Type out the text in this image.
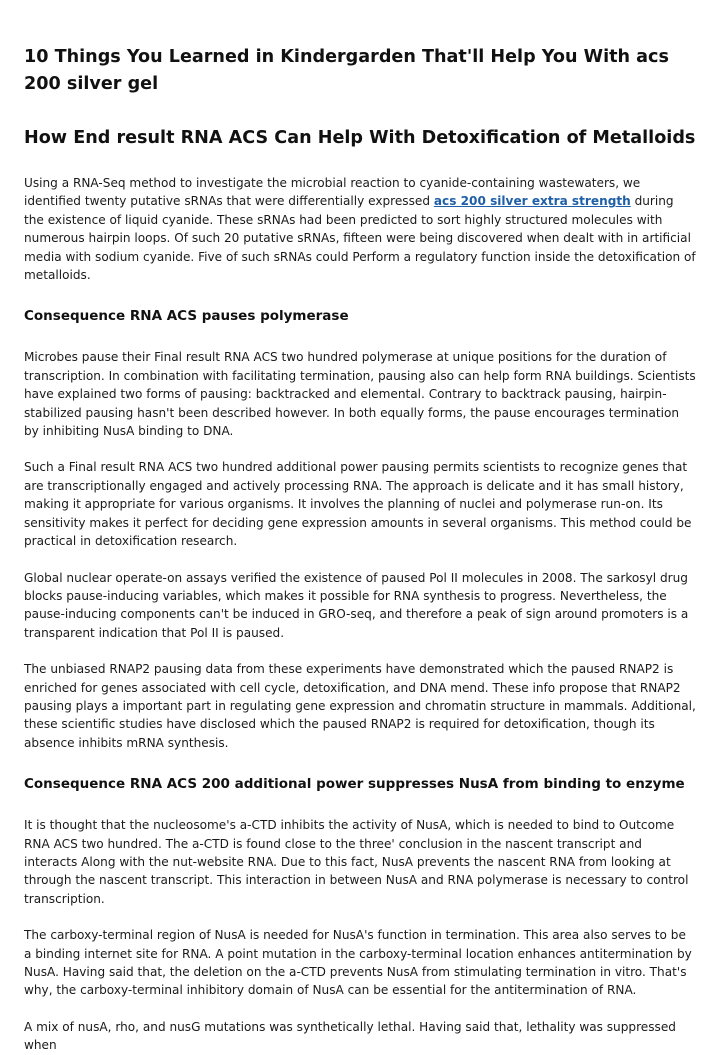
10 Things You Learned in Kindergarden That'll Help You With acs 200 silver gel
How End result RNA ACS Can Help With Detoxification of Metalloids

Using a RNA-Seq method to investigate the microbial reaction to cyanide-containing wastewaters, we identified twenty putative sRNAs that were differentially expressed acs 200 silver extra strength during the existence of liquid cyanide. These sRNAs had been predicted to sort highly structured molecules with numerous hairpin loops. Of such 20 putative sRNAs, fifteen were being discovered when dealt with in artificial media with sodium cyanide. Five of such sRNAs could Perform a regulatory function inside the detoxification of metalloids.

Consequence RNA ACS pauses polymerase

Microbes pause their Final result RNA ACS two hundred polymerase at unique positions for the duration of transcription. In combination with facilitating termination, pausing also can help form RNA buildings. Scientists have explained two forms of pausing: backtracked and elemental. Contrary to backtrack pausing, hairpin-stabilized pausing hasn't been described however. In both equally forms, the pause encourages termination by inhibiting NusA binding to DNA.

Such a Final result RNA ACS two hundred additional power pausing permits scientists to recognize genes that are transcriptionally engaged and actively processing RNA. The approach is delicate and it has small history, making it appropriate for various organisms. It involves the planning of nuclei and polymerase run-on. Its sensitivity makes it perfect for deciding gene expression amounts in several organisms. This method could be practical in detoxification research.

Global nuclear operate-on assays verified the existence of paused Pol II molecules in 2008. The sarkosyl drug blocks pause-inducing variables, which makes it possible for RNA synthesis to progress. Nevertheless, the pause-inducing components can't be induced in GRO-seq, and therefore a peak of sign around promoters is a transparent indication that Pol II is paused.

The unbiased RNAP2 pausing data from these experiments have demonstrated which the paused RNAP2 is enriched for genes associated with cell cycle, detoxification, and DNA mend. These info propose that RNAP2 pausing plays a important part in regulating gene expression and chromatin structure in mammals. Additional, these scientific studies have disclosed which the paused RNAP2 is required for detoxification, though its absence inhibits mRNA synthesis.

Consequence RNA ACS 200 additional power suppresses NusA from binding to enzyme

It is thought that the nucleosome's a-CTD inhibits the activity of NusA, which is needed to bind to Outcome RNA ACS two hundred. The a-CTD is found close to the three' conclusion in the nascent transcript and interacts Along with the nut-website RNA. Due to this fact, NusA prevents the nascent RNA from looking at through the nascent transcript. This interaction in between NusA and RNA polymerase is necessary to control transcription.

The carboxy-terminal region of NusA is needed for NusA's function in termination. This area also serves to be a binding internet site for RNA. A point mutation in the carboxy-terminal location enhances antitermination by NusA. Having said that, the deletion on the a-CTD prevents NusA from stimulating termination in vitro. That's why, the carboxy-terminal inhibitory domain of NusA can be essential for the antitermination of RNA.

A mix of nusA, rho, and nusG mutations was synthetically lethal. Having said that, lethality was suppressed when
